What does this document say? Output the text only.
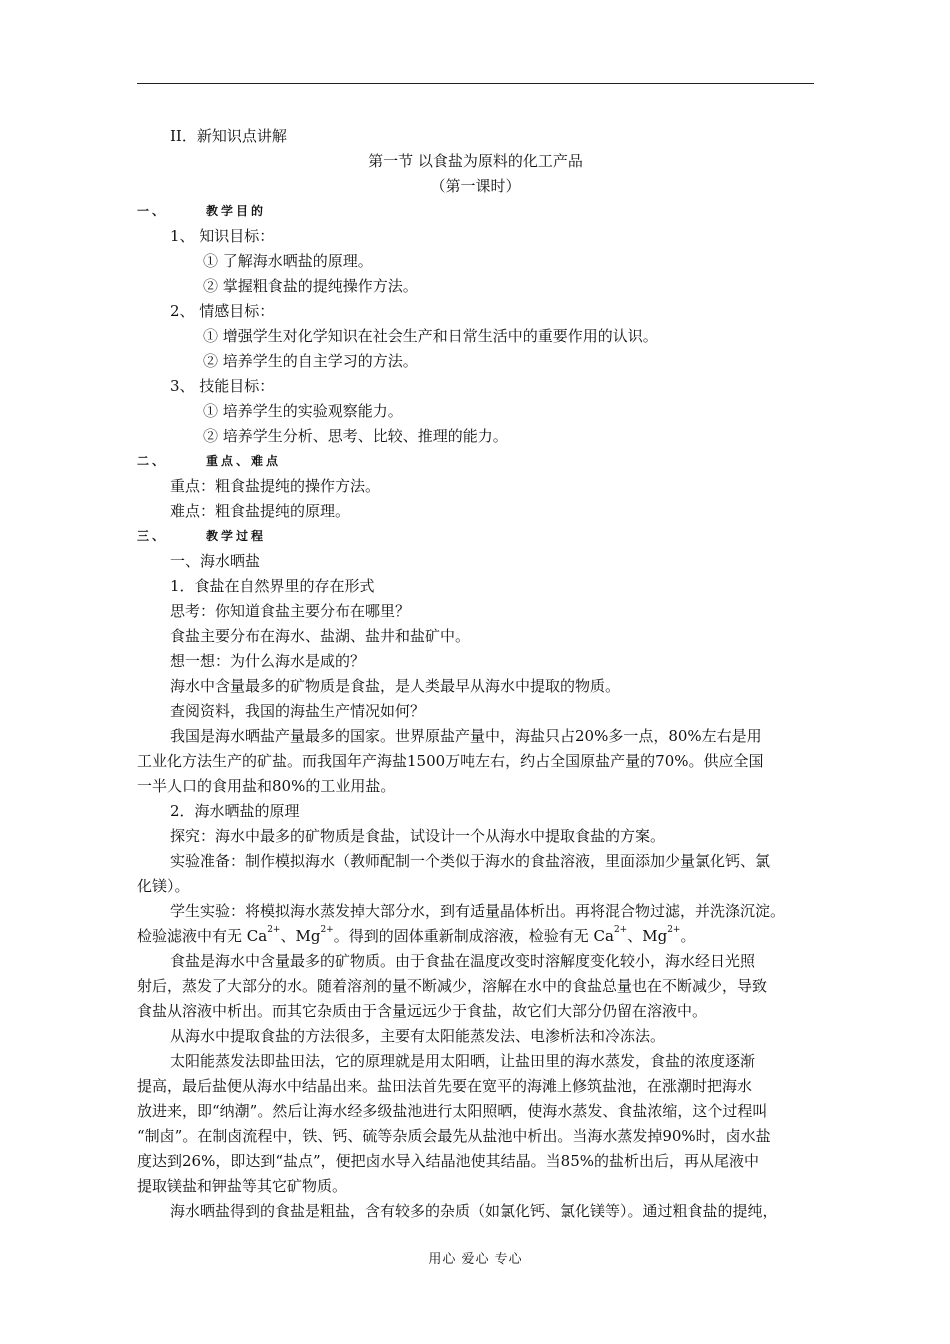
II．新知识点讲解
第一节 以食盐为原料的化工产品
（第一课时）
一、	教学目的
1、 知识目标：
① 了解海水晒盐的原理。
② 掌握粗食盐的提纯操作方法。
2、 情感目标：
① 增强学生对化学知识在社会生产和日常生活中的重要作用的认识。
② 培养学生的自主学习的方法。
3、 技能目标：
① 培养学生的实验观察能力。
② 培养学生分析、思考、比较、推理的能力。
二、	重点、难点
重点：粗食盐提纯的操作方法。
难点：粗食盐提纯的原理。
三、	教学过程
一、海水晒盐
1．食盐在自然界里的存在形式
思考：你知道食盐主要分布在哪里？
食盐主要分布在海水、盐湖、盐井和盐矿中。
想一想：为什么海水是咸的？
海水中含量最多的矿物质是食盐，是人类最早从海水中提取的物质。
查阅资料，我国的海盐生产情况如何？
我国是海水晒盐产量最多的国家。世界原盐产量中，海盐只占20%多一点，80%左右是用
工业化方法生产的矿盐。而我国年产海盐1500万吨左右，约占全国原盐产量的70%。供应全国
一半人口的食用盐和80%的工业用盐。
2．海水晒盐的原理
探究：海水中最多的矿物质是食盐，试设计一个从海水中提取食盐的方案。
实验准备：制作模拟海水（教师配制一个类似于海水的食盐溶液，里面添加少量氯化钙、氯
化镁）。
学生实验：将模拟海水蒸发掉大部分水，到有适量晶体析出。再将混合物过滤，并洗涤沉淀。
检验滤液中有无 $Ca^{2+}$、$Mg^{2+}$。得到的固体重新制成溶液，检验有无 $Ca^{2+}$、$Mg^{2+}$。
食盐是海水中含量最多的矿物质。由于食盐在温度改变时溶解度变化较小，海水经日光照
射后，蒸发了大部分的水。随着溶剂的量不断减少，溶解在水中的食盐总量也在不断减少，导致
食盐从溶液中析出。而其它杂质由于含量远远少于食盐，故它们大部分仍留在溶液中。
从海水中提取食盐的方法很多，主要有太阳能蒸发法、电渗析法和冷冻法。
太阳能蒸发法即盐田法，它的原理就是用太阳晒，让盐田里的海水蒸发，食盐的浓度逐渐
提高，最后盐便从海水中结晶出来。盐田法首先要在宽平的海滩上修筑盐池，在涨潮时把海水
放进来，即“纳潮”。然后让海水经多级盐池进行太阳照晒，使海水蒸发、食盐浓缩，这个过程叫
“制卤”。在制卤流程中，铁、钙、硫等杂质会最先从盐池中析出。当海水蒸发掉90%时，卤水盐
度达到26%，即达到“盐点”，便把卤水导入结晶池使其结晶。当85%的盐析出后，再从尾液中
提取镁盐和钾盐等其它矿物质。
海水晒盐得到的食盐是粗盐，含有较多的杂质（如氯化钙、氯化镁等）。通过粗食盐的提纯，
用心 爱心 专心
